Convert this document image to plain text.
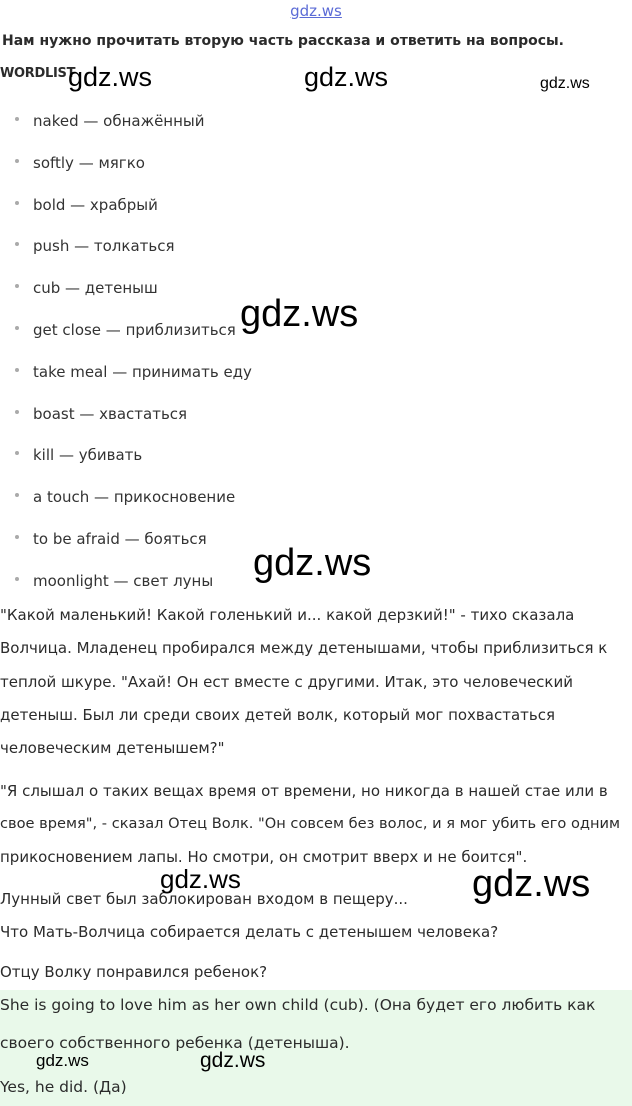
gdz.ws
Нам нужно прочитать вторую часть рассказа и ответить на вопросы.
WORDLIST
naked — обнажённый
softly — мягко
bold — храбрый
push — толкаться
cub — детеныш
get close — приблизиться
take meal — принимать еду
boast — хвастаться
kill — убивать
a touch — прикосновение
to be afraid — бояться
moonlight — свет луны
"Какой маленький! Какой голенький и... какой дерзкий!" - тихо сказала
Волчица. Младенец пробирался между детенышами, чтобы приблизиться к
теплой шкуре. "Ахай! Он ест вместе с другими. Итак, это человеческий
детеныш. Был ли среди своих детей волк, который мог похвастаться
человеческим детенышем?"
"Я слышал о таких вещах время от времени, но никогда в нашей стае или в
свое время", - сказал Отец Волк. "Он совсем без волос, и я мог убить его одним
прикосновением лапы. Но смотри, он смотрит вверх и не боится".
Лунный свет был заблокирован входом в пещеру...
Что Мать-Волчица собирается делать с детенышем человека?
Отцу Волку понравился ребенок?
She is going to love him as her own child (cub). (Она будет его любить как
своего собственного ребенка (детеныша).
Yes, he did. (Да)
gdz.ws	gdz.ws	gdz.ws
gdz.ws
gdz.ws
gdz.ws	gdz.ws
gdz.ws	gdz.ws
